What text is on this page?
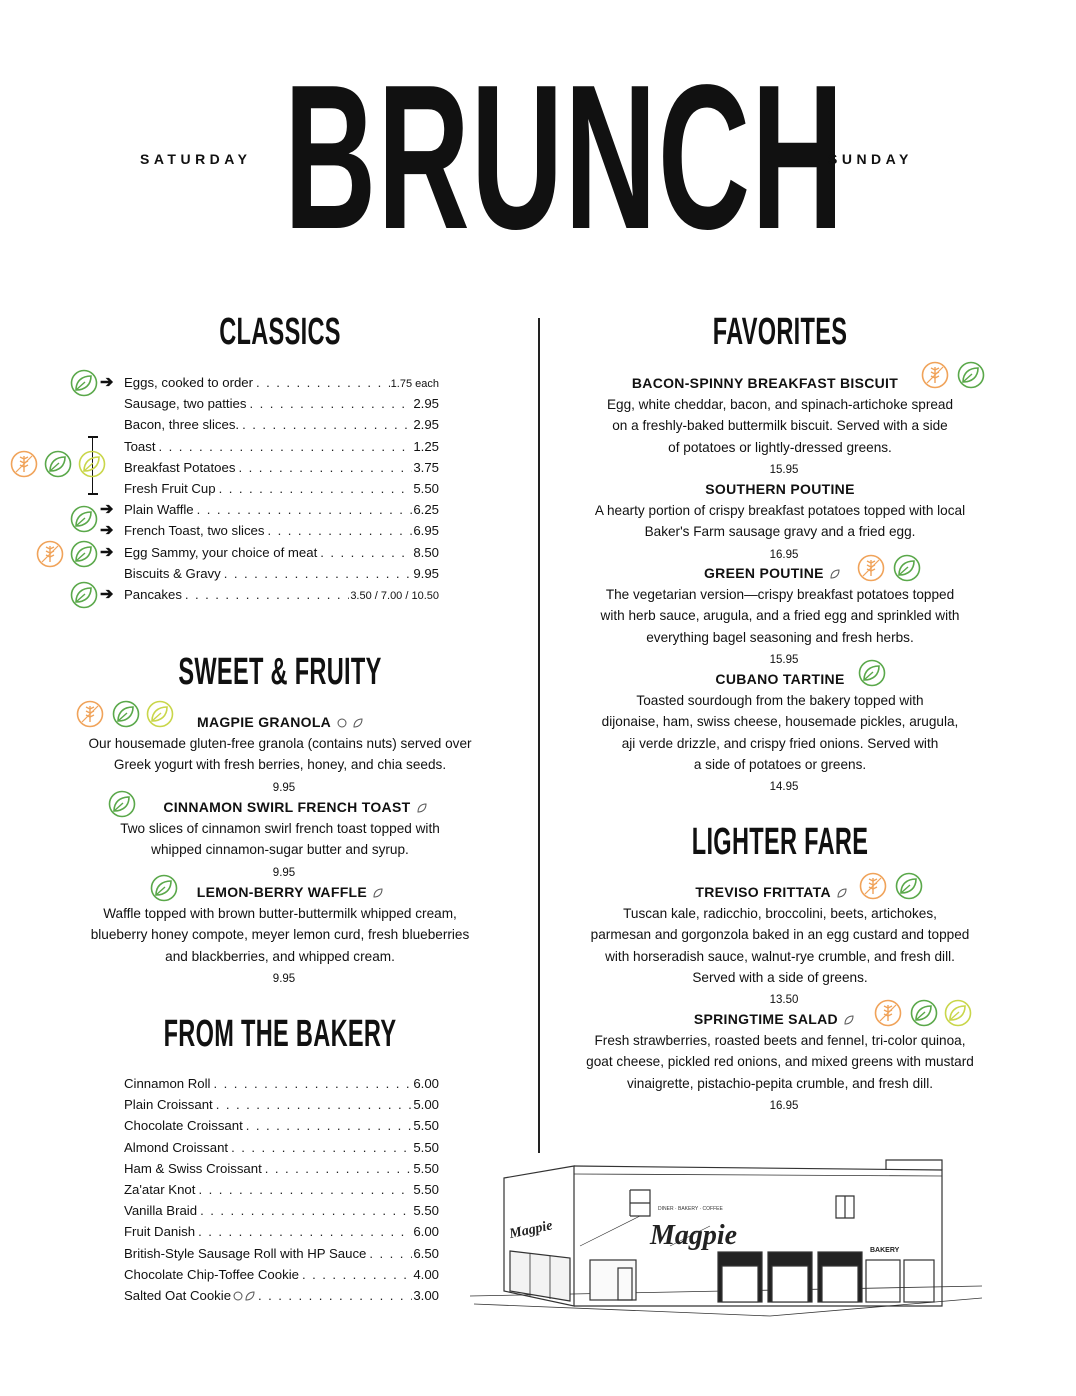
SATURDAY BRUNCH
SUNDAY
CLASSICS
➔
➔
➔
➔
➔
Eggs, cooked to order . . .	1.75 each
Sausage, two patties . . .	2.95
Bacon, three slices. . . .	2.95
Toast . . .	1.25
Breakfast Potatoes . . .	3.75
Fresh Fruit Cup . . .	5.50
Plain Waffle . . .	6.25
French Toast, two slices . . .	6.95
Egg Sammy, your choice of meat . . .	8.50
Biscuits & Gravy . . .	9.95
Pancakes . . .	3.50 / 7.00 / 10.50
SWEET & FRUITY
MAGPIE GRANOLA
Our housemade gluten-free granola (contains nuts) served over
Greek yogurt with fresh berries, honey, and chia seeds.
9.95
CINNAMON SWIRL FRENCH TOAST
Two slices of cinnamon swirl french toast topped with
whipped cinnamon-sugar butter and syrup.
9.95
LEMON-BERRY WAFFLE
Waffle topped with brown butter-buttermilk whipped cream,
blueberry honey compote, meyer lemon curd, fresh blueberries
and blackberries, and whipped cream.
9.95
FROM THE BAKERY
Cinnamon Roll . . .	6.00
Plain Croissant . . .	5.00
Chocolate Croissant . . .	5.50
Almond Croissant . . .	5.50
Ham & Swiss Croissant . . .	5.50
Za'atar Knot . . .	5.50
Vanilla Braid . . .	5.50
Fruit Danish . . .	6.00
British-Style Sausage Roll with HP Sauce . . .	6.50
Chocolate Chip-Toffee Cookie . . .	4.00
Salted Oat Cookie . . .	3.00
FAVORITES
BACON-SPINNY BREAKFAST BISCUIT
Egg, white cheddar, bacon, and spinach-artichoke spread
on a freshly-baked buttermilk biscuit. Served with a side
of potatoes or lightly-dressed greens.
15.95
SOUTHERN POUTINE
A hearty portion of crispy breakfast potatoes topped with local
Baker's Farm sausage gravy and a fried egg.
16.95
GREEN POUTINE
The vegetarian version—crispy breakfast potatoes topped
with herb sauce, arugula, and a fried egg and sprinkled with
everything bagel seasoning and fresh herbs.
15.95
CUBANO TARTINE
Toasted sourdough from the bakery topped with
dijonaise, ham, swiss cheese, housemade pickles, arugula,
aji verde drizzle, and crispy fried onions. Served with
a side of potatoes or greens.
14.95
LIGHTER FARE
TREVISO FRITTATA
Tuscan kale, radicchio, broccolini, beets, artichokes,
parmesan and gorgonzola baked in an egg custard and topped
with horseradish sauce, walnut-rye crumble, and fresh dill.
Served with a side of greens.
13.50
SPRINGTIME SALAD
Fresh strawberries, roasted beets and fennel, tri-color quinoa,
goat cheese, pickled red onions, and mixed greens with mustard
vinaigrette, pistachio-pepita crumble, and fresh dill.
16.95
Magpie
DINER · BAKERY · COFFEE
Magpie	BAKERY
